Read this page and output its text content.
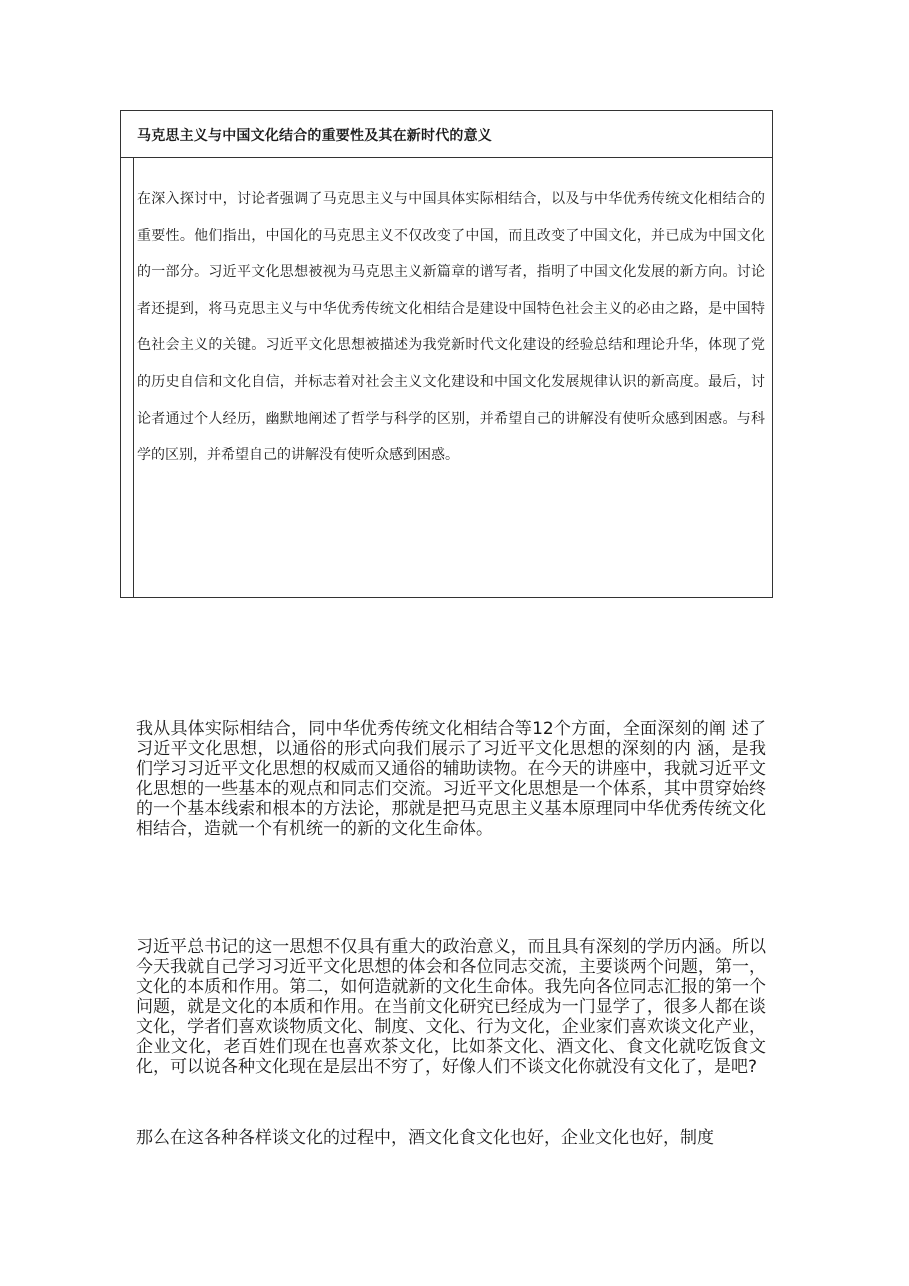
马克思主义与中国文化结合的重要性及其在新时代的意义

在深入探讨中，讨论者强调了马克思主义与中国具体实际相结合，以及与中华优秀传统文化相结合的重要性。他们指出，中国化的马克思主义不仅改变了中国，而且改变了中国文化，并已成为中国文化的一部分。习近平文化思想被视为马克思主义新篇章的谱写者，指明了中国文化发展的新方向。讨论者还提到，将马克思主义与中华优秀传统文化相结合是建设中国特色社会主义的必由之路，是中国特色社会主义的关键。习近平文化思想被描述为我党新时代文化建设的经验总结和理论升华，体现了党的历史自信和文化自信，并标志着对社会主义文化建设和中国文化发展规律认识的新高度。最后，讨论者通过个人经历，幽默地阐述了哲学与科学的区别，并希望自己的讲解没有使听众感到困惑。与科学的区别，并希望自己的讲解没有使听众感到困惑。

我从具体实际相结合，同中华优秀传统文化相结合等12个方面，全面深刻的阐 述了习近平文化思想，以通俗的形式向我们展示了习近平文化思想的深刻的内 涵，是我们学习习近平文化思想的权威而又通俗的辅助读物。在今天的讲座中，我就习近平文化思想的一些基本的观点和同志们交流。习近平文化思想是一个体系，其中贯穿始终的一个基本线索和根本的方法论，那就是把马克思主义基本原理同中华优秀传统文化相结合，造就一个有机统一的新的文化生命体。

习近平总书记的这一思想不仅具有重大的政治意义，而且具有深刻的学历内涵。所以今天我就自己学习习近平文化思想的体会和各位同志交流，主要谈两个问题，第一，文化的本质和作用。第二，如何造就新的文化生命体。我先向各位同志汇报的第一个问题，就是文化的本质和作用。在当前文化研究已经成为一门显学了，很多人都在谈文化，学者们喜欢谈物质文化、制度、文化、行为文化，企业家们喜欢谈文化产业，企业文化，老百姓们现在也喜欢茶文化，比如茶文化、酒文化、食文化就吃饭食文化，可以说各种文化现在是层出不穷了，好像人们不谈文化你就没有文化了，是吧?

那么在这各种各样谈文化的过程中，酒文化食文化也好，企业文化也好，制度
